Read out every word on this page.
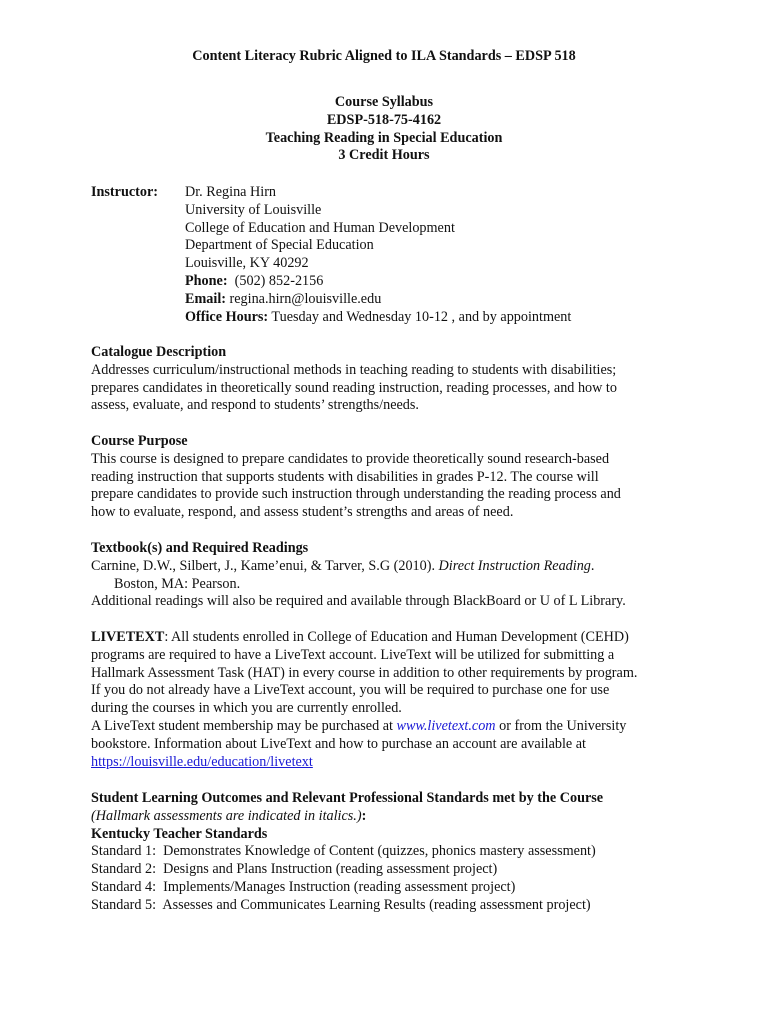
Content Literacy Rubric Aligned to ILA Standards – EDSP 518
Course Syllabus
EDSP-518-75-4162
Teaching Reading in Special Education
3 Credit Hours
Instructor: Dr. Regina Hirn
University of Louisville
College of Education and Human Development
Department of Special Education
Louisville, KY 40292
Phone:  (502) 852-2156
Email: regina.hirn@louisville.edu
Office Hours: Tuesday and Wednesday 10-12 , and by appointment
Catalogue Description
Addresses curriculum/instructional methods in teaching reading to students with disabilities;
prepares candidates in theoretically sound reading instruction, reading processes, and how to
assess, evaluate, and respond to students’ strengths/needs.
Course Purpose
This course is designed to prepare candidates to provide theoretically sound research-based
reading instruction that supports students with disabilities in grades P-12. The course will
prepare candidates to provide such instruction through understanding the reading process and
how to evaluate, respond, and assess student’s strengths and areas of need.
Textbook(s) and Required Readings
Carnine, D.W., Silbert, J., Kame’enui, & Tarver, S.G (2010). Direct Instruction Reading.
Boston, MA: Pearson.
Additional readings will also be required and available through BlackBoard or U of L Library.
LIVETEXT: All students enrolled in College of Education and Human Development (CEHD)
programs are required to have a LiveText account. LiveText will be utilized for submitting a
Hallmark Assessment Task (HAT) in every course in addition to other requirements by program.
If you do not already have a LiveText account, you will be required to purchase one for use
during the courses in which you are currently enrolled.
A LiveText student membership may be purchased at www.livetext.com or from the University
bookstore. Information about LiveText and how to purchase an account are available at
https://louisville.edu/education/livetext
Student Learning Outcomes and Relevant Professional Standards met by the Course
(Hallmark assessments are indicated in italics.):
Kentucky Teacher Standards
Standard 1:  Demonstrates Knowledge of Content (quizzes, phonics mastery assessment)
Standard 2:  Designs and Plans Instruction (reading assessment project)
Standard 4:  Implements/Manages Instruction (reading assessment project)
Standard 5:  Assesses and Communicates Learning Results (reading assessment project)
